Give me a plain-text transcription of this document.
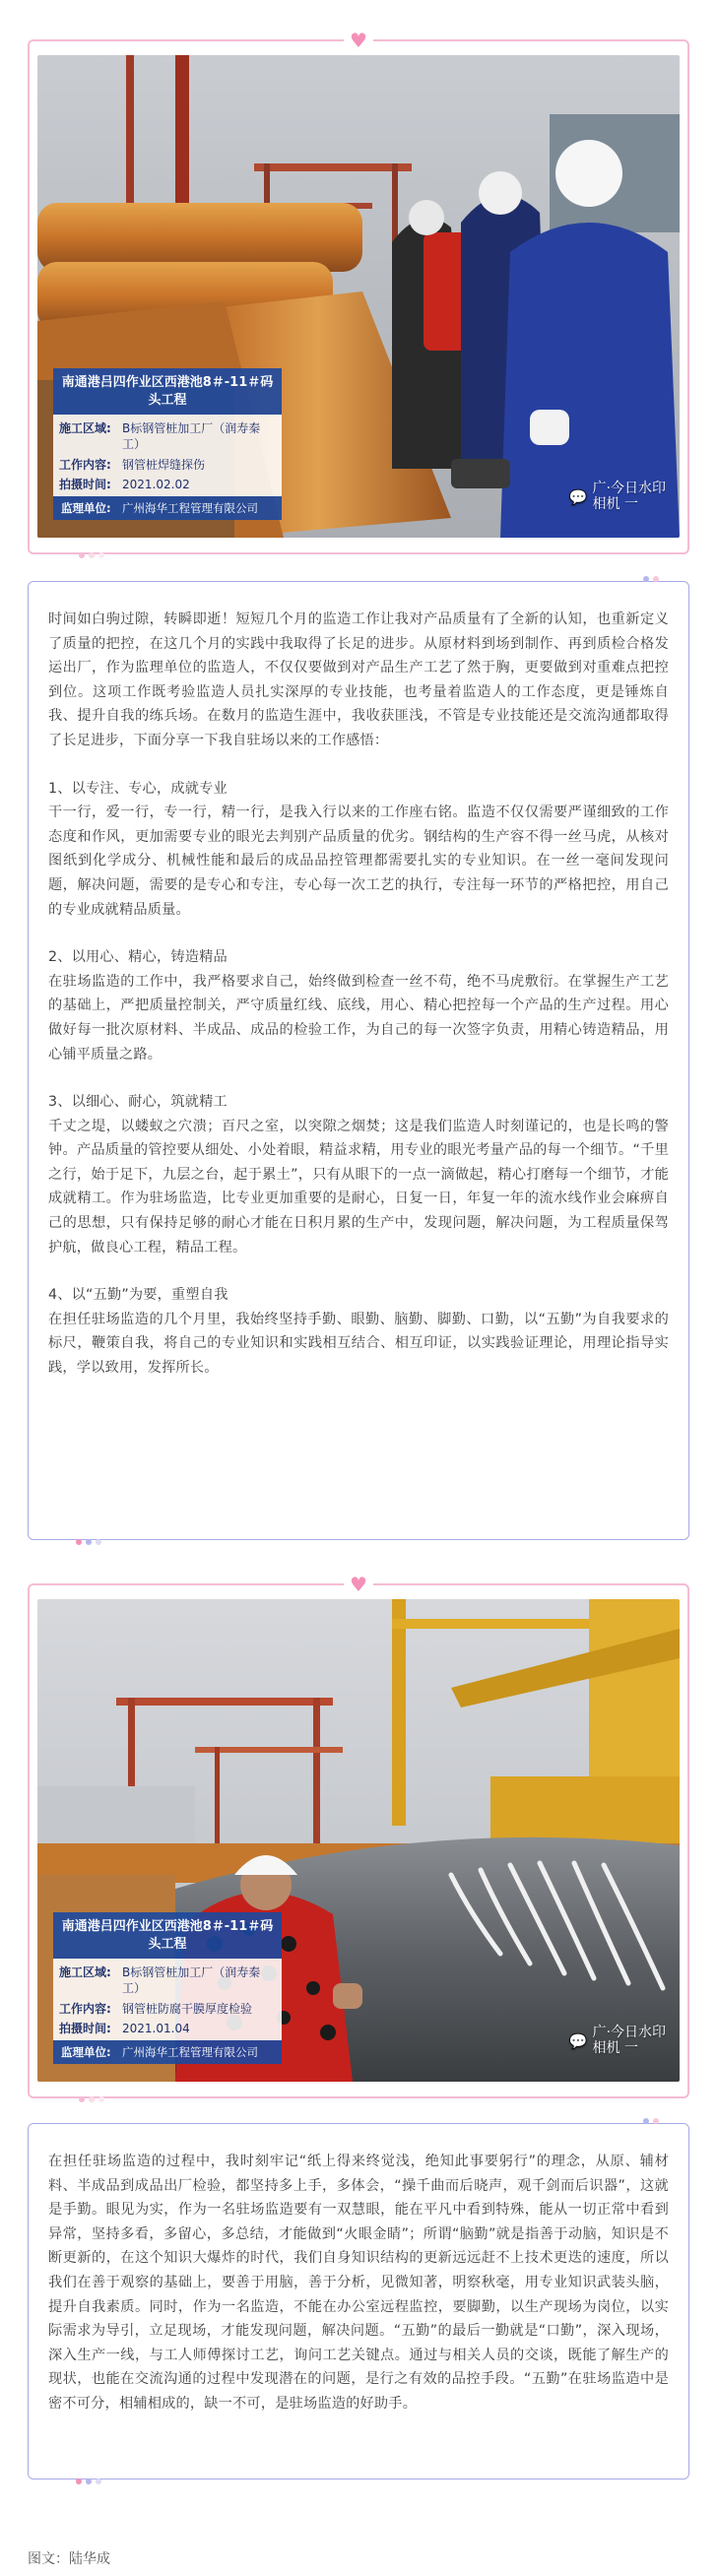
♥
南通港吕四作业区西港池8＃-11＃码头工程
施工区域: B标钢管桩加工厂（润寿秦工）
工作内容: 钢管桩焊缝探伤
拍摄时间: 2021.02.02
监理单位: 广州海华工程管理有限公司
💬 广·今日水印
相机 一

时间如白驹过隙，转瞬即逝！短短几个月的监造工作让我对产品质量有了全新的认知，也重新定义了质量的把控，在这几个月的实践中我取得了长足的进步。从原材料到场到制作、再到质检合格发运出厂，作为监理单位的监造人，不仅仅要做到对产品生产工艺了然于胸，更要做到对重难点把控到位。这项工作既考验监造人员扎实深厚的专业技能，也考量着监造人的工作态度，更是锤炼自我、提升自我的练兵场。在数月的监造生涯中，我收获匪浅，不管是专业技能还是交流沟通都取得了长足进步，下面分享一下我自驻场以来的工作感悟：

1、以专注、专心，成就专业

干一行，爱一行，专一行，精一行，是我入行以来的工作座右铭。监造不仅仅需要严谨细致的工作态度和作风，更加需要专业的眼光去判别产品质量的优劣。钢结构的生产容不得一丝马虎，从核对图纸到化学成分、机械性能和最后的成品品控管理都需要扎实的专业知识。在一丝一毫间发现问题，解决问题，需要的是专心和专注，专心每一次工艺的执行，专注每一环节的严格把控，用自己的专业成就精品质量。

2、以用心、精心，铸造精品

在驻场监造的工作中，我严格要求自己，始终做到检查一丝不苟，绝不马虎敷衍。在掌握生产工艺的基础上，严把质量控制关，严守质量红线、底线，用心、精心把控每一个产品的生产过程。用心做好每一批次原材料、半成品、成品的检验工作，为自己的每一次签字负责，用精心铸造精品，用心铺平质量之路。

3、以细心、耐心，筑就精工

千丈之堤，以蝼蚁之穴溃；百尺之室，以突隙之烟焚；这是我们监造人时刻谨记的，也是长鸣的警钟。产品质量的管控要从细处、小处着眼，精益求精，用专业的眼光考量产品的每一个细节。“千里之行，始于足下，九层之台，起于累土”，只有从眼下的一点一滴做起，精心打磨每一个细节，才能成就精工。作为驻场监造，比专业更加重要的是耐心，日复一日，年复一年的流水线作业会麻痹自己的思想，只有保持足够的耐心才能在日积月累的生产中，发现问题，解决问题，为工程质量保驾护航，做良心工程，精品工程。

4、以“五勤”为要，重塑自我

在担任驻场监造的几个月里，我始终坚持手勤、眼勤、脑勤、脚勤、口勤，以“五勤”为自我要求的标尺，鞭策自我，将自己的专业知识和实践相互结合、相互印证，以实践验证理论，用理论指导实践，学以致用，发挥所长。

♥
南通港吕四作业区西港池8＃-11＃码头工程
施工区域: B标钢管桩加工厂（润寿秦工）
工作内容: 钢管桩防腐干膜厚度检验
拍摄时间: 2021.01.04
监理单位: 广州海华工程管理有限公司
💬 广·今日水印
相机 一

在担任驻场监造的过程中，我时刻牢记“纸上得来终觉浅，绝知此事要躬行”的理念，从原、辅材料、半成品到成品出厂检验，都坚持多上手，多体会，“操千曲而后晓声，观千剑而后识器”，这就是手勤。眼见为实，作为一名驻场监造要有一双慧眼，能在平凡中看到特殊，能从一切正常中看到异常，坚持多看，多留心，多总结，才能做到“火眼金睛”；所谓“脑勤”就是指善于动脑，知识是不断更新的，在这个知识大爆炸的时代，我们自身知识结构的更新远远赶不上技术更迭的速度，所以我们在善于观察的基础上，要善于用脑，善于分析，见微知著，明察秋毫，用专业知识武装头脑，提升自我素质。同时，作为一名监造，不能在办公室远程监控，要脚勤，以生产现场为岗位，以实际需求为导引，立足现场，才能发现问题，解决问题。“五勤”的最后一勤就是“口勤”，深入现场，深入生产一线，与工人师傅探讨工艺，询问工艺关键点。通过与相关人员的交谈，既能了解生产的现状，也能在交流沟通的过程中发现潜在的问题，是行之有效的品控手段。“五勤”在驻场监造中是密不可分，相辅相成的，缺一不可，是驻场监造的好助手。

图文：陆华成
